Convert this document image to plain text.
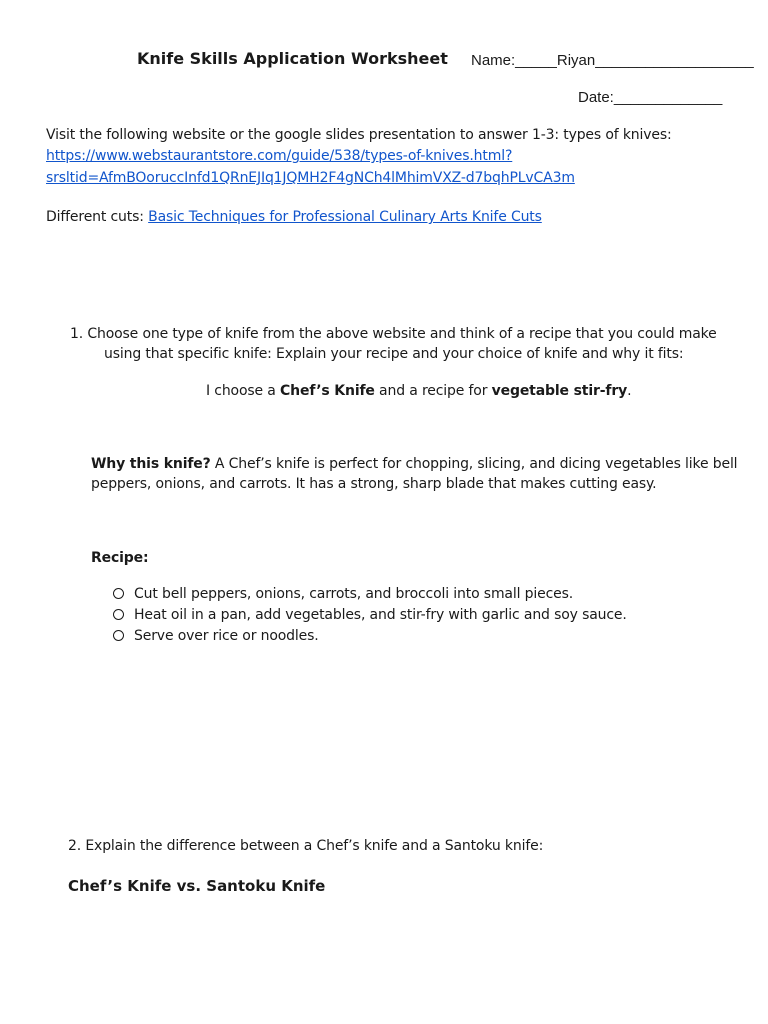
Knife Skills Application Worksheet Name:_____Riyan___________________
Date:_____________
Visit the following website or the google slides presentation to answer 1-3: types of knives:
https://www.webstaurantstore.com/guide/538/types-of-knives.html?
srsltid=AfmBOoruccInfd1QRnEJIq1JQMH2F4gNCh4lMhimVXZ-d7bqhPLvCA3m
Different cuts: Basic Techniques for Professional Culinary Arts Knife Cuts
1. Choose one type of knife from the above website and think of a recipe that you could make
using that specific knife: Explain your recipe and your choice of knife and why it fits:
I choose a Chef’s Knife and a recipe for vegetable stir-fry.
Why this knife? A Chef’s knife is perfect for chopping, slicing, and dicing vegetables like bell
peppers, onions, and carrots. It has a strong, sharp blade that makes cutting easy.
Recipe:
Cut bell peppers, onions, carrots, and broccoli into small pieces.
Heat oil in a pan, add vegetables, and stir-fry with garlic and soy sauce.
Serve over rice or noodles.
2. Explain the difference between a Chef’s knife and a Santoku knife:
Chef’s Knife vs. Santoku Knife
